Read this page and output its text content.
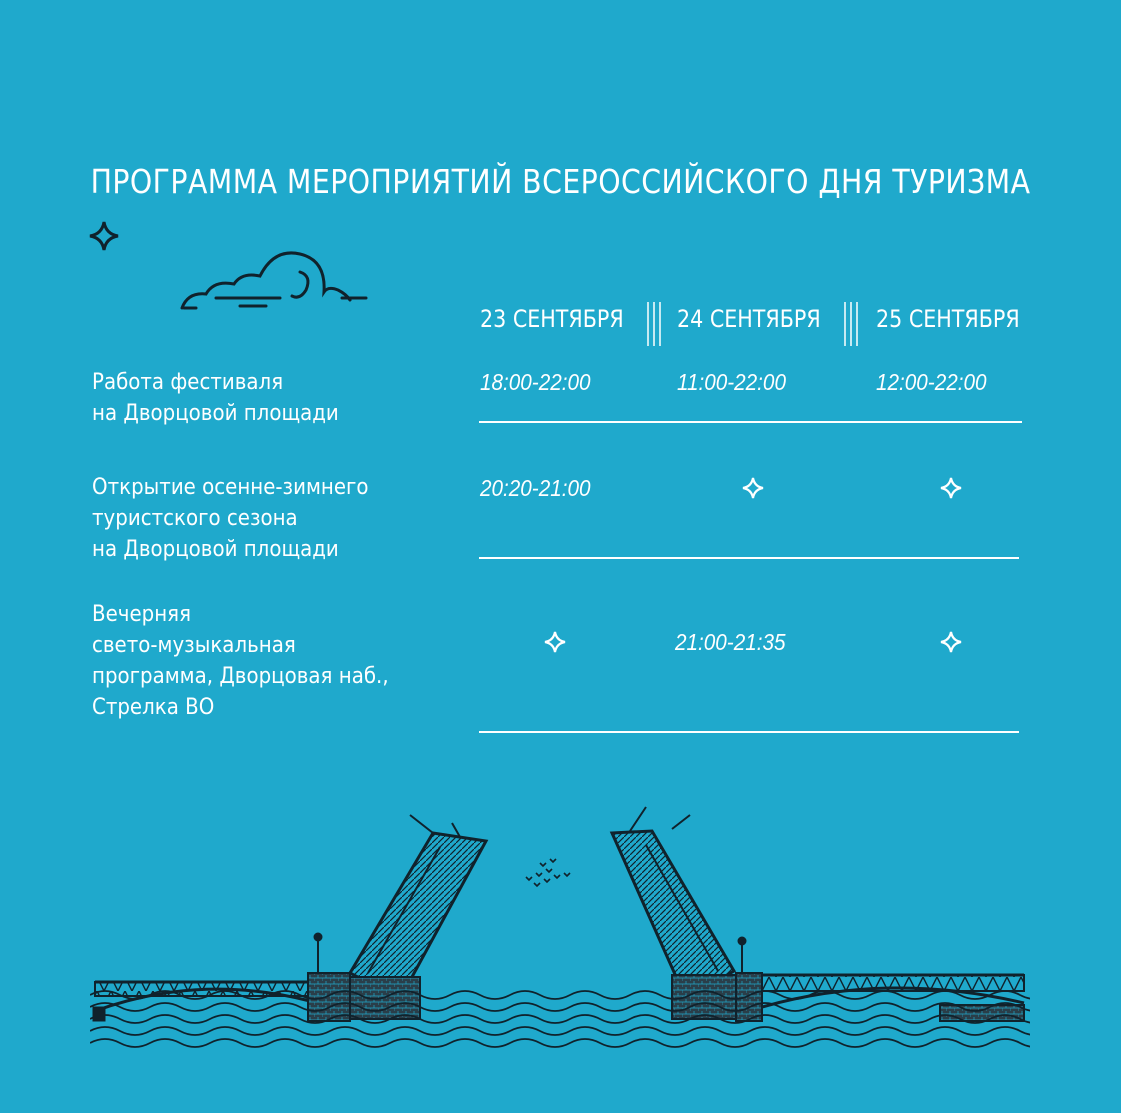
ПРОГРАММА МЕРОПРИЯТИЙ ВСЕРОССИЙСКОГО ДНЯ ТУРИЗМА
23 СЕНТЯБРЯ 24 СЕНТЯБРЯ 25 СЕНТЯБРЯ
Работа фестиваля
на Дворцовой площади
18:00-22:00	11:00-22:00	12:00-22:00
Открытие осенне-зимнего
туристского сезона
на Дворцовой площади
20:20-21:00
Вечерняя
свето-музыкальная
программа, Дворцовая наб.,
Стрелка ВО
21:00-21:35
